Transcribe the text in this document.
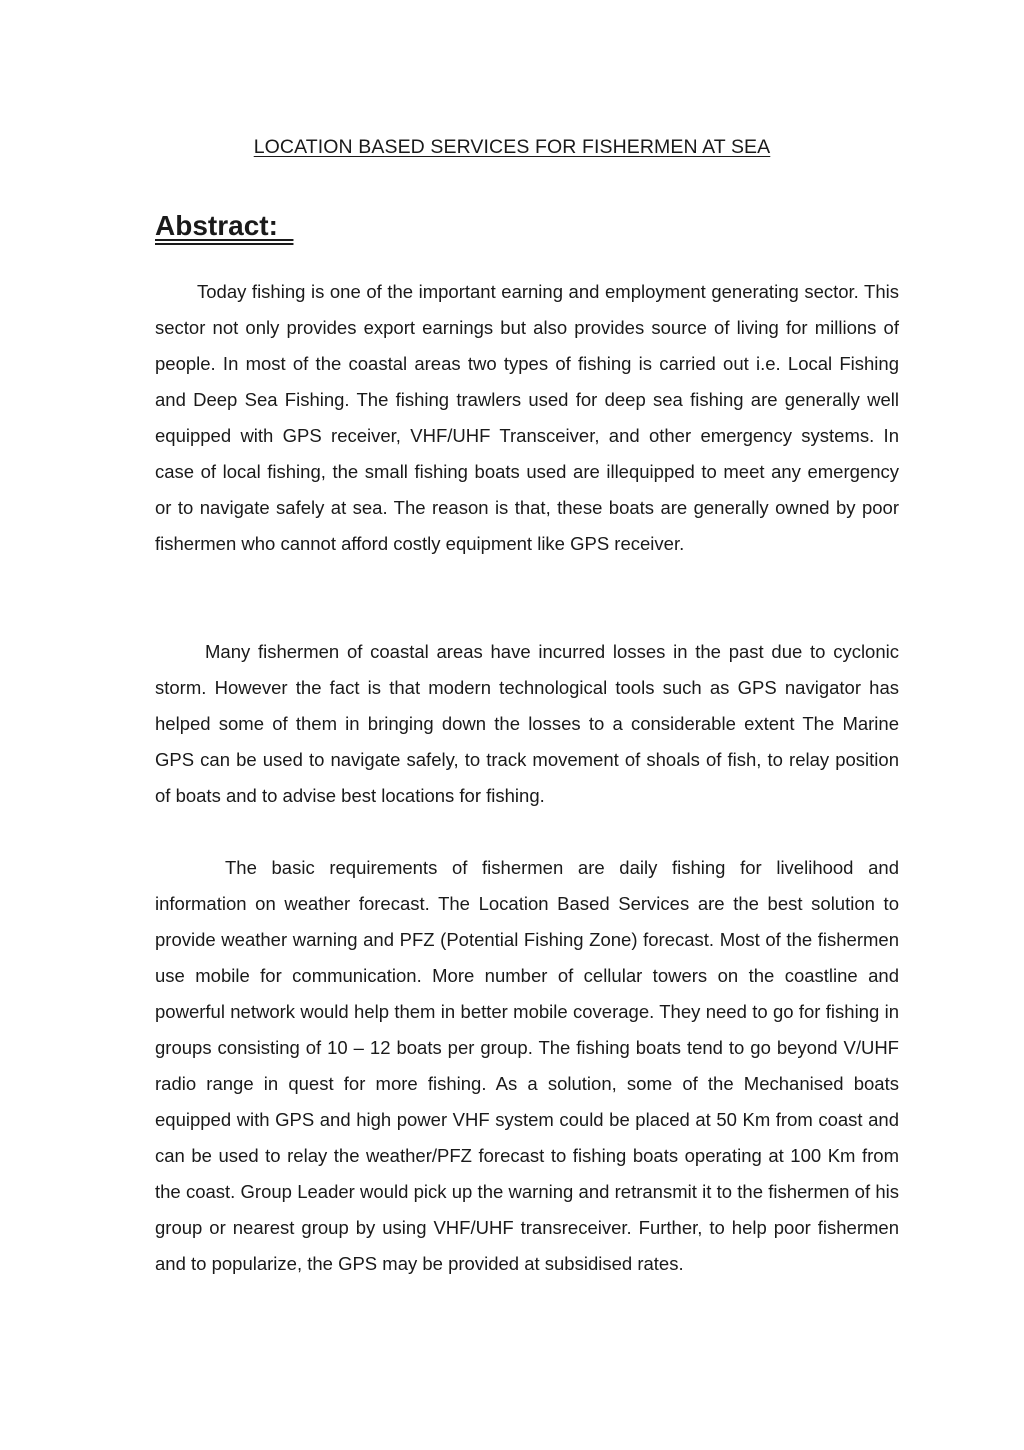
LOCATION BASED SERVICES FOR FISHERMEN AT SEA
Abstract:

Today fishing is one of the important earning and employment generating sector. This sector not only provides export earnings but also provides source of living for millions of people. In most of the coastal areas two types of fishing is carried out i.e. Local Fishing and Deep Sea Fishing. The fishing trawlers used for deep sea fishing are generally well equipped with GPS receiver, VHF/UHF Transceiver, and other emergency systems. In case of local fishing, the small fishing boats used are illequipped to meet any emergency or to navigate safely at sea. The reason is that, these boats are generally owned by poor fishermen who cannot afford costly equipment like GPS receiver.

Many fishermen of coastal areas have incurred losses in the past due to cyclonic storm. However the fact is that modern technological tools such as GPS navigator has helped some of them in bringing down the losses to a considerable extent The Marine GPS can be used to navigate safely, to track movement of shoals of fish, to relay position of boats and to advise best locations for fishing.

The basic requirements of fishermen are daily fishing for livelihood and information on weather forecast. The Location Based Services are the best solution to provide weather warning and PFZ (Potential Fishing Zone) forecast. Most of the fishermen use mobile for communication. More number of cellular towers on the coastline and powerful network would help them in better mobile coverage. They need to go for fishing in groups consisting of 10 – 12 boats per group. The fishing boats tend to go beyond V/UHF radio range in quest for more fishing. As a solution, some of the Mechanised boats equipped with GPS and high power VHF system could be placed at 50 Km from coast and can be used to relay the weather/PFZ forecast to fishing boats operating at 100 Km from the coast. Group Leader would pick up the warning and retransmit it to the fishermen of his group or nearest group by using VHF/UHF transreceiver. Further, to help poor fishermen and to popularize, the GPS may be provided at subsidised rates.
